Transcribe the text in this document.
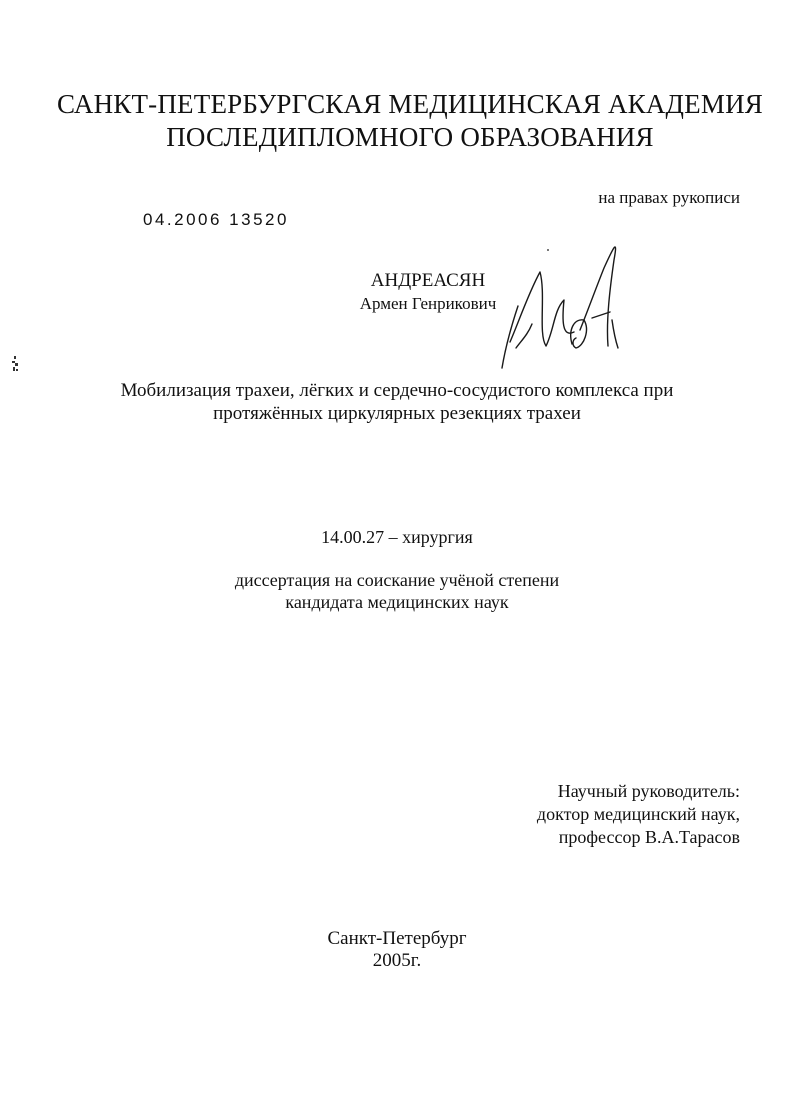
САНКТ-ПЕТЕРБУРГСКАЯ МЕДИЦИНСКАЯ АКАДЕМИЯ
ПОСЛЕДИПЛОМНОГО ОБРАЗОВАНИЯ
на правах рукописи
04.2006 13520
АНДРЕАСЯН
Армен Генрикович
Мобилизация трахеи, лёгких и сердечно-сосудистого комплекса при
протяжённых циркулярных резекциях трахеи
14.00.27 – хирургия
диссертация на соискание учёной степени
кандидата медицинских наук
Научный руководитель:
доктор медицинский наук,
профессор В.А.Тарасов
Санкт-Петербург
2005г.
